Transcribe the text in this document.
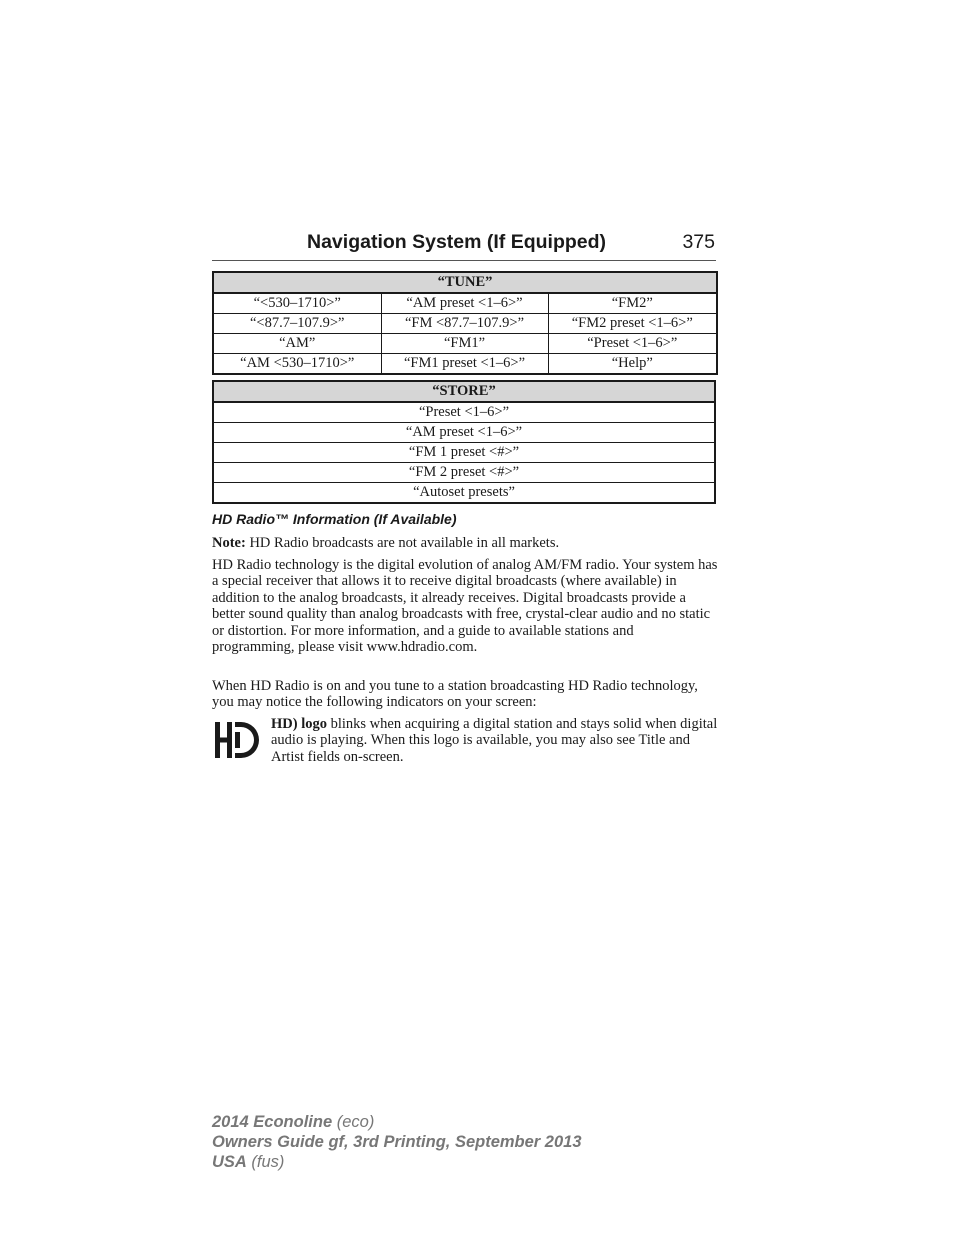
Navigation System (If Equipped)	375
“TUNE”		
“<530–1710>”	“AM preset <1–6>”	“FM2”
“<87.7–107.9>”	“FM <87.7–107.9>”	“FM2 preset <1–6>”
“AM”	“FM1”	“Preset <1–6>”
“AM <530–1710>”	“FM1 preset <1–6>”	“Help”
“STORE”
“Preset <1–6>”
“AM preset <1–6>”
“FM 1 preset <#>”
“FM 2 preset <#>”
“Autoset presets”
HD Radio™ Information (If Available)

Note: HD Radio broadcasts are not available in all markets.

HD Radio technology is the digital evolution of analog AM/FM radio. Your system has a special receiver that allows it to receive digital broadcasts (where available) in addition to the analog broadcasts, it already receives. Digital broadcasts provide a better sound quality than analog broadcasts with free, crystal-clear audio and no static or distortion. For more information, and a guide to available stations and programming, please visit www.hdradio.com.

When HD Radio is on and you tune to a station broadcasting HD Radio technology, you may notice the following indicators on your screen:

HD) logo blinks when acquiring a digital station and stays solid when digital audio is playing. When this logo is available, you may also see Title and Artist fields on-screen.

2014 Econoline (eco)
Owners Guide gf, 3rd Printing, September 2013
USA (fus)
